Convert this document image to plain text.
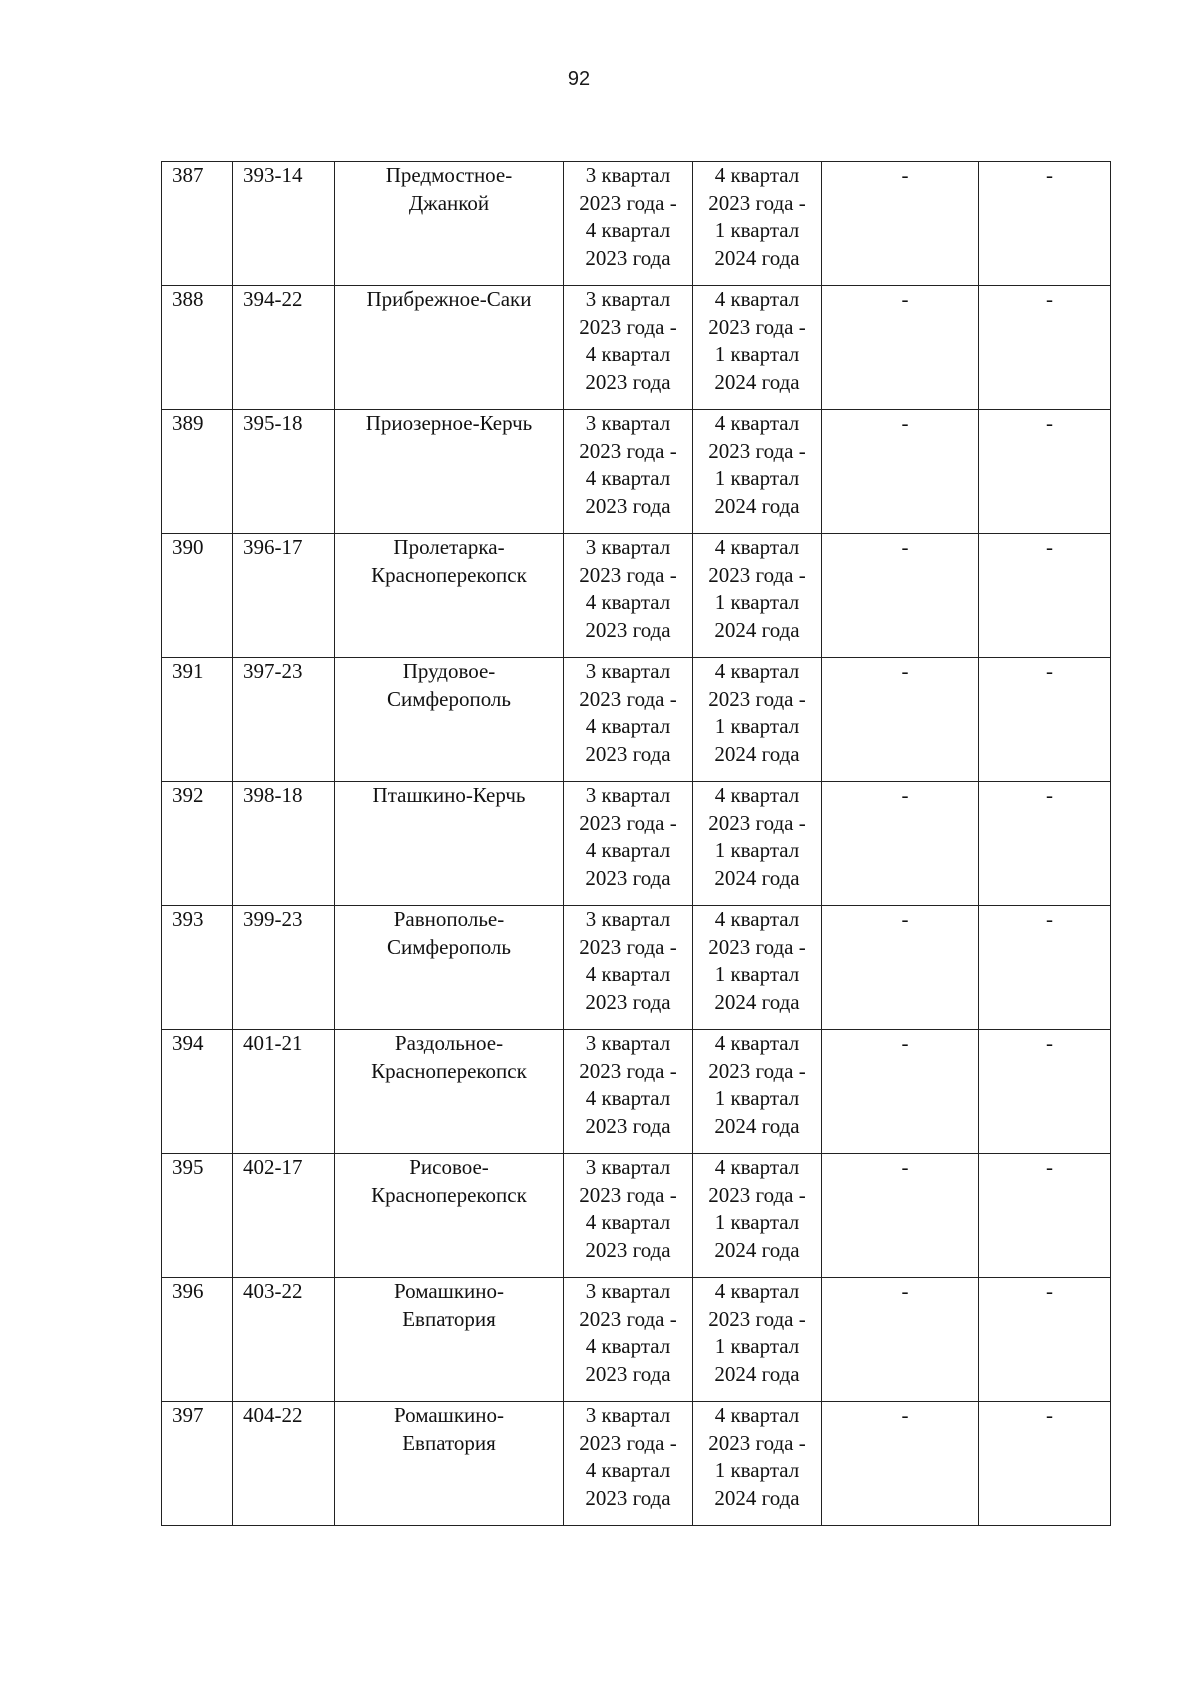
92
387	393-14	Предмостное-
Джанкой	3 квартал
2023 года -
4 квартал
2023 года	4 квартал
2023 года -
1 квартал
2024 года	-	-

388	394-22	Прибрежное-Саки	3 квартал
2023 года -
4 квартал
2023 года	4 квартал
2023 года -
1 квартал
2024 года	-	-

389	395-18	Приозерное-Керчь	3 квартал
2023 года -
4 квартал
2023 года	4 квартал
2023 года -
1 квартал
2024 года	-	-

390	396-17	Пролетарка-
Красноперекопск	3 квартал
2023 года -
4 квартал
2023 года	4 квартал
2023 года -
1 квартал
2024 года	-	-

391	397-23	Прудовое-
Симферополь	3 квартал
2023 года -
4 квартал
2023 года	4 квартал
2023 года -
1 квартал
2024 года	-	-

392	398-18	Пташкино-Керчь	3 квартал
2023 года -
4 квартал
2023 года	4 квартал
2023 года -
1 квартал
2024 года	-	-

393	399-23	Равнополье-
Симферополь	3 квартал
2023 года -
4 квартал
2023 года	4 квартал
2023 года -
1 квартал
2024 года	-	-

394	401-21	Раздольное-
Красноперекопск	3 квартал
2023 года -
4 квартал
2023 года	4 квартал
2023 года -
1 квартал
2024 года	-	-

395	402-17	Рисовое-
Красноперекопск	3 квартал
2023 года -
4 квартал
2023 года	4 квартал
2023 года -
1 квартал
2024 года	-	-

396	403-22	Ромашкино-
Евпатория	3 квартал
2023 года -
4 квартал
2023 года	4 квартал
2023 года -
1 квартал
2024 года	-	-

397	404-22	Ромашкино-
Евпатория	3 квартал
2023 года -
4 квартал
2023 года	4 квартал
2023 года -
1 квартал
2024 года	-	-
